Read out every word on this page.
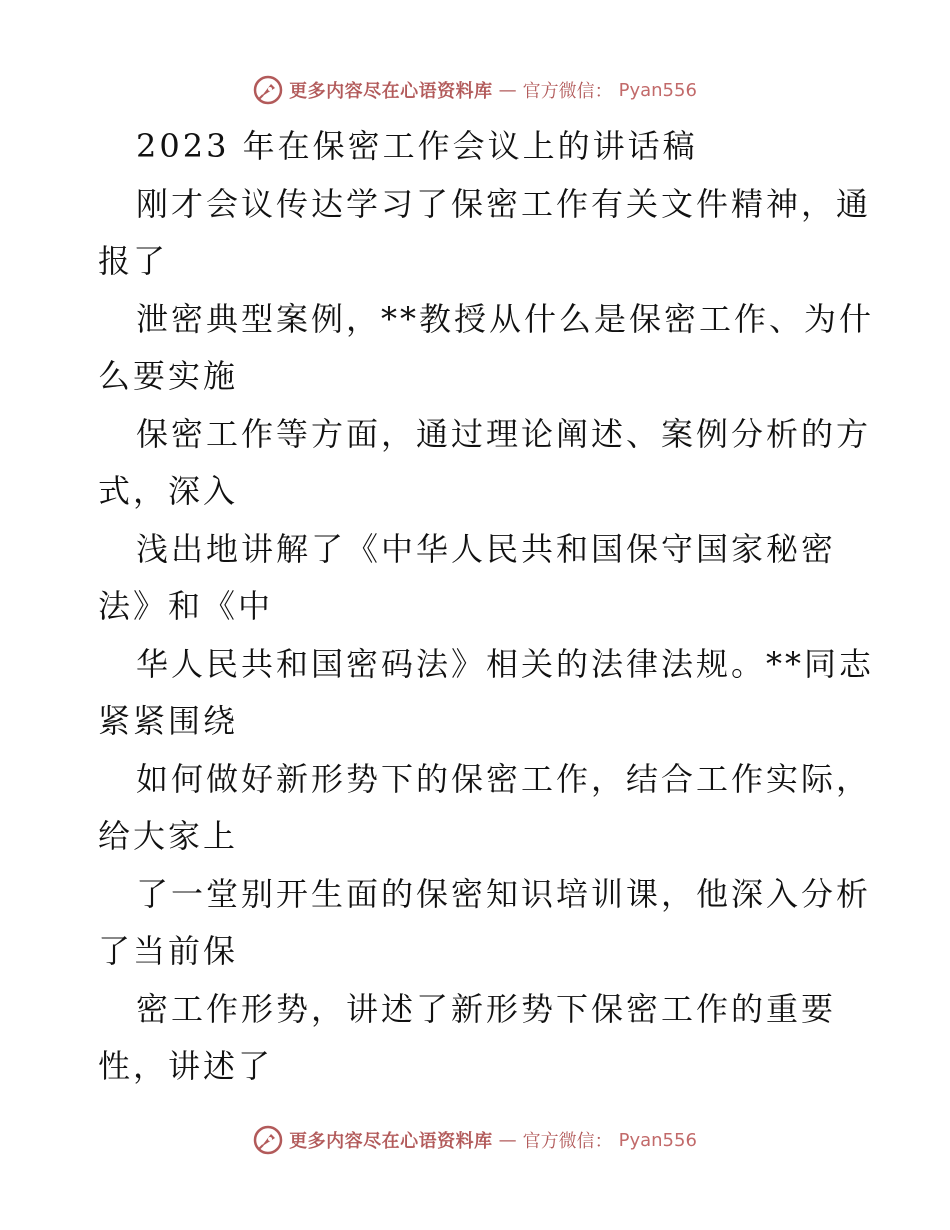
更多内容尽在心语资料库 — 官方微信： Pyan556
2023 年在保密工作会议上的讲话稿
刚才会议传达学习了保密工作有关文件精神，通
报了
泄密典型案例，**教授从什么是保密工作、为什
么要实施
保密工作等方面，通过理论阐述、案例分析的方
式，深入
浅出地讲解了《中华人民共和国保守国家秘密
法》和《中
华人民共和国密码法》相关的法律法规。**同志
紧紧围绕
如何做好新形势下的保密工作，结合工作实际，
给大家上
了一堂别开生面的保密知识培训课，他深入分析
了当前保
密工作形势，讲述了新形势下保密工作的重要
性，讲述了
更多内容尽在心语资料库 — 官方微信： Pyan556
